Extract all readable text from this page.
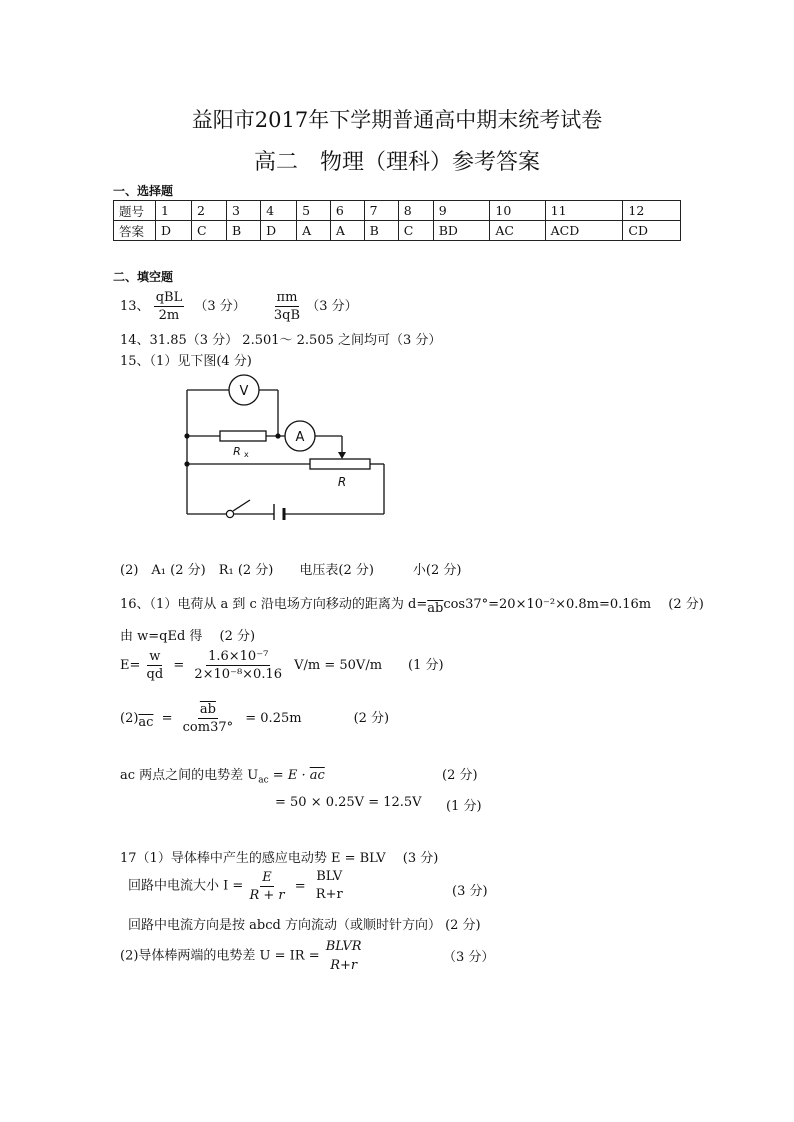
益阳市2017年下学期普通高中期末统考试卷
高二　物理（理科）参考答案
一、选择题
题号	1	2	3	4	5	6	7	8	9	10	11	12
答案	D	C	B	D	A	A	B	C	BD	AC	ACD	CD
二、填空题
13、 $\frac{\text{qBL}}{2m} (3$ 分） $\frac{\pi m}{3qB} (3$ 分）
14、31.85（3 分） 2.501～ 2.505 之间均可（3 分）
15、（1）见下图(4 分)
V
R x
A
R
(2)　A₁ (2 分)　R₁ (2 分)　　电压表(2 分)　　　小(2 分)
16、（1）电荷从 a 到 c 沿电场方向移动的距离为 $d=\overline{ab}\cos 37^\circ=20\times 10^{-2}\times 0.8m=0.16m$　 (2 分)
由 w=qEd 得　 (2 分)
$E= \frac{w}{qd} = \frac{\text{1.6×10⁻⁷}}{\text{2×10⁻⁸×0.16}} V/m = 50V/m$　　(1 分)
$(2)\overline{ac} = \frac{\overline{ab}}{\text{com37°}} = 0.25m$　　　　(2 分)
ac 两点之间的电势差 $U_{ac} = E \cdot \overline{ac}$	(2 分)
= 50 × 0.25V = 12.5V (1 分)
17（1）导体棒中产生的感应电动势 E = BLV　 (3 分)
回路中电流大小 $I = \frac{E}{R + r}$ =
BLV
R+r	(3 分)
回路中电流方向是按 abcd 方向流动（或顺时针方向） (2 分)
(2)导体棒两端的电势差 U = IR =
BLVR
R+r
（3 分）
